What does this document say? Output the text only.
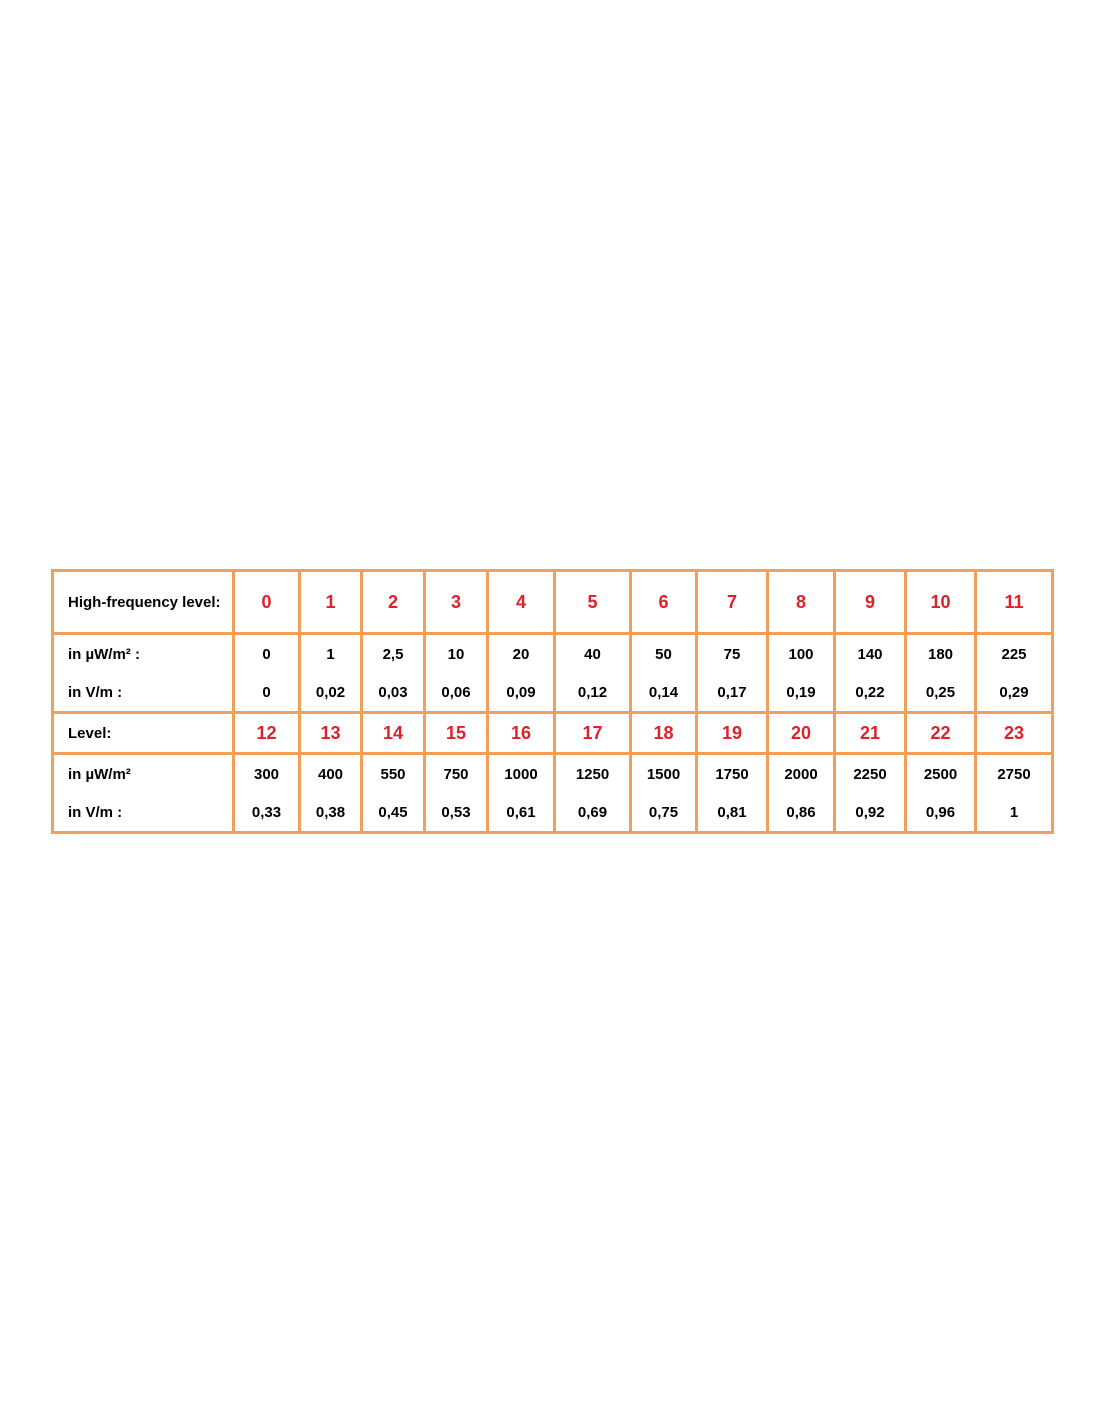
High-frequency level:	0	1	2	3	4	5	6	7	8	9	10	11
in µW/m² :	0	1	2,5	10	20	40	50	75	100	140	180	225
in V/m :	0	0,02	0,03	0,06	0,09	0,12	0,14	0,17	0,19	0,22	0,25	0,29
Level:	12	13	14	15	16	17	18	19	20	21	22	23
in µW/m²	300	400	550	750	1000	1250	1500	1750	2000	2250	2500	2750
in V/m :	0,33	0,38	0,45	0,53	0,61	0,69	0,75	0,81	0,86	0,92	0,96	1
